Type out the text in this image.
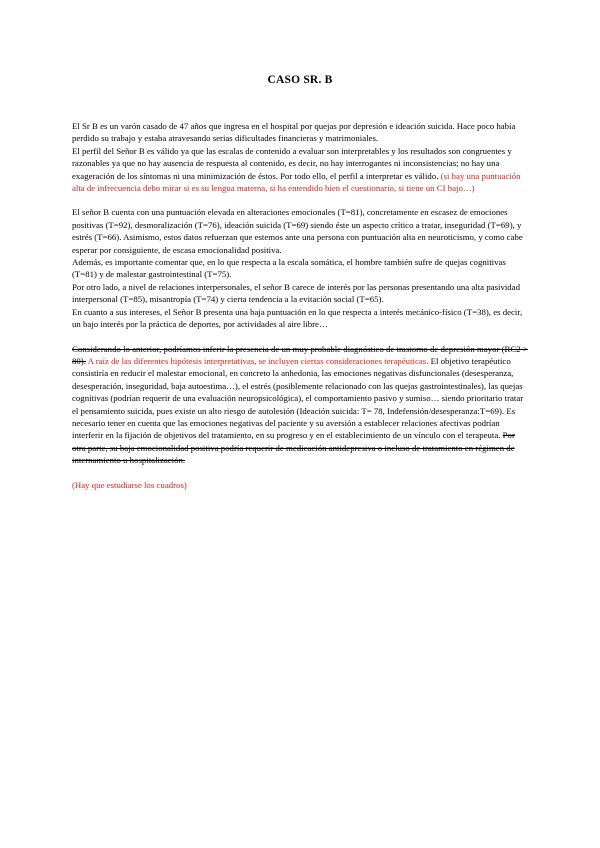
CASO SR. B

El Sr B es un varón casado de 47 años que ingresa en el hospital por quejas por depresión e ideación suicida. Hace poco había perdido su trabajo y estaba atravesando serias dificultades financieras y matrimoniales.

El perfil del Señor B es válido ya que las escalas de contenido a evaluar son interpretables y los resultados son congruentes y razonables ya que no hay ausencia de respuesta al contenido, es decir, no hay interrogantes ni inconsistencias; no hay una exageración de los síntomas ni una minimización de éstos. Por todo ello, el perfil a interpretar es válido. (si hay una puntuación alta de infrecuencia debo mirar si es su lengua materna, si ha entendido bien el cuestionario, si tiene un CI bajo…)

El señor B cuenta con una puntuación elevada en alteraciones emocionales (T=81), concretamente en escasez de emociones positivas (T=92), desmoralización (T=76), ideación suicida (T=69) siendo éste un aspecto crítico a tratar, inseguridad (T=69), y estrés (T=66). Asimismo, estos datos refuerzan que estemos ante una persona con puntuación alta en neuroticismo, y como cabe esperar por consiguiente, de escasa emocionalidad positiva.

Además, es importante comentar que, en lo que respecta a la escala somática, el hombre también sufre de quejas cognitivas (T=81) y de malestar gastrointestinal (T=75).

Por otro lado, a nivel de relaciones interpersonales, el señor B carece de interés por las personas presentando una alta pasividad interpersonal (T=85), misantropía (T=74) y cierta tendencia a la evitación social (T=65).

En cuanto a sus intereses, el Señor B presenta una baja puntuación en lo que respecta a interés mecánico-físico (T=38), es decir, un bajo interés por la práctica de deportes, por actividades al aire libre…

Considerando lo anterior, podríamos inferir la presencia de un muy probable diagnóstico de trastorno de depresión mayor (RC2 > 80). A raíz de las diferentes hipótesis interpretativas, se incluyen ciertas consideraciones terapéuticas. El objetivo terapéutico consistiría en reducir el malestar emocional, en concreto la anhedonia, las emociones negativas disfuncionales (desesperanza, desesperación, inseguridad, baja autoestima…), el estrés (posiblemente relacionado con las quejas gastrointestinales), las quejas cognitivas (podrían requerir de una evaluación neuropsicológica), el comportamiento pasivo y sumiso… siendo prioritario tratar el pensamiento suicida, pues existe un alto riesgo de autolesión (Ideación suicida: T= 78, Indefensión/desesperanza:T=69). Es necesario tener en cuenta que las emociones negativas del paciente y su aversión a establecer relaciones afectivas podrían interferir en la fijación de objetivos del tratamiento, en su progreso y en el establecimiento de un vínculo con el terapeuta. Por otra parte, su baja emocionalidad positiva podría requerir de medicación antidepresiva o incluso de tratamiento en régimen de internamiento u hospitalización.

(Hay que estudiarse los cuadros)
